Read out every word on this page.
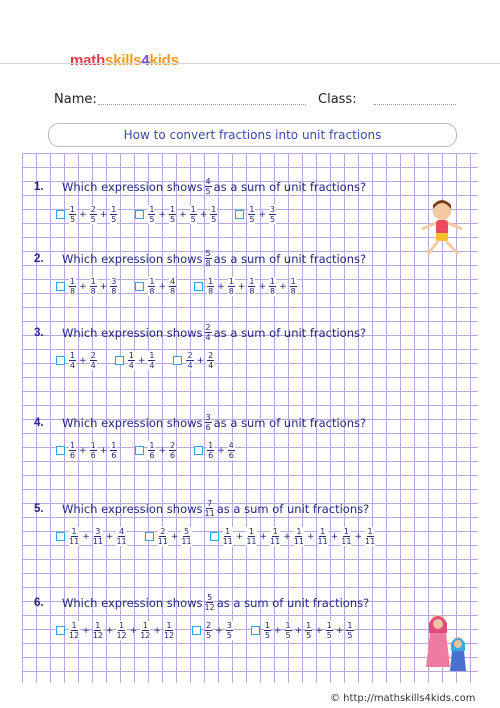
mathskills4kids
Name:	Class:
How to convert fractions into unit fractions
1.	Which expression shows $\frac{4}{5}$ as a sum of unit fractions?
$\frac{1}{5} + \frac{2}{5} + \frac{1}{5}$	$\frac{1}{5} + \frac{1}{5} + \frac{1}{5} + \frac{1}{5}$	$\frac{1}{5} + \frac{3}{5}$
2.	Which expression shows $\frac{5}{8}$ as a sum of unit fractions?
$\frac{1}{8} + \frac{1}{8} + \frac{3}{8}$	$\frac{1}{8} + \frac{4}{8}$	$\frac{1}{8} + \frac{1}{8} + \frac{1}{8} + \frac{1}{8} + \frac{1}{8}$
3.	Which expression shows $\frac{2}{4}$ as a sum of unit fractions?
$\frac{1}{4} + \frac{2}{4}$	$\frac{1}{4} + \frac{1}{4}$	$\frac{2}{4} + \frac{2}{4}$
4.	Which expression shows $\frac{3}{6}$ as a sum of unit fractions?
$\frac{1}{6} + \frac{1}{6} + \frac{1}{6}$	$\frac{1}{6} + \frac{2}{6}$	$\frac{1}{6} + \frac{4}{6}$
5.	Which expression shows $\frac{7}{11}$ as a sum of unit fractions?
$\frac{1}{11} + \frac{3}{11} + \frac{4}{11}$	$\frac{2}{11} + \frac{5}{11}$	$\frac{1}{11} + \frac{1}{11} + \frac{1}{11} + \frac{1}{11} + \frac{1}{11} + \frac{1}{11} + \frac{1}{11}$
6.	Which expression shows $\frac{5}{12}$ as a sum of unit fractions?
$\frac{1}{12} + \frac{1}{12} + \frac{1}{12} + \frac{1}{12} + \frac{1}{12}$	$\frac{2}{5} + \frac{3}{5}$	$\frac{1}{5} + \frac{1}{5} + \frac{1}{5} + \frac{1}{5} + \frac{1}{5}$
© http://mathskills4kids.com
